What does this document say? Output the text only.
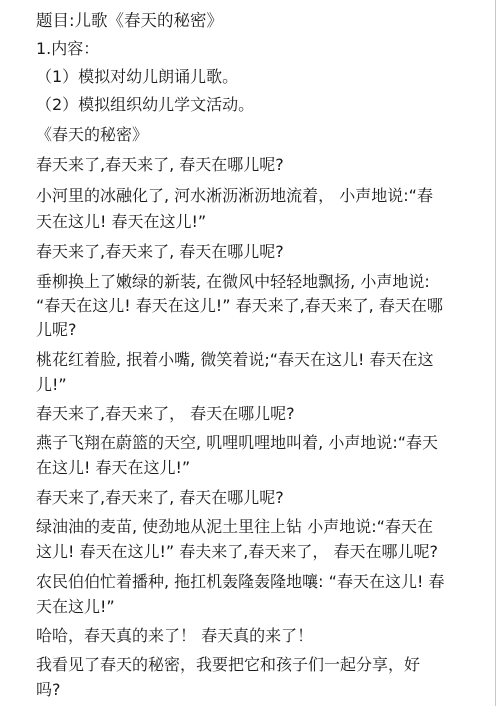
题目:儿歌《春天的秘密》
1.内容：
（1）模拟对幼儿朗诵儿歌。
（2）模拟组织幼儿学文活动。
《春天的秘密》
春天来了,春天来了, 春天在哪儿呢?
小河里的冰融化了, 河水淅沥淅沥地流着， 小声地说:“春
天在这儿! 春天在这儿!”
春天来了,春天来了, 春天在哪儿呢?
垂柳换上了嫩绿的新装, 在微风中轻轻地飘扬, 小声地说:
“春天在这儿! 春天在这儿!” 春天来了,春天来了, 春天在哪
儿呢?
桃花红着脸, 抿着小嘴, 微笑着说;“春天在这儿! 春天在这
儿!”
春天来了,春天来了， 春天在哪儿呢?
燕子飞翔在蔚篮的天空, 叽哩叽哩地叫着, 小声地说:“春天
在这儿! 春天在这儿!”
春天来了,春天来了, 春天在哪儿呢?
绿油油的麦苗, 使劲地从泥土里往上钻 小声地说:“春天在
这儿! 春天在这儿!” 春夫来了,春天来了， 春天在哪儿呢?
农民伯伯忙着播种, 拖扛机轰隆轰隆地嚷: “春天在这儿! 春
天在这儿!”
哈哈，春天真的来了！ 春天真的来了！
我看见了春天的秘密，我要把它和孩子们一起分享，好
吗?
